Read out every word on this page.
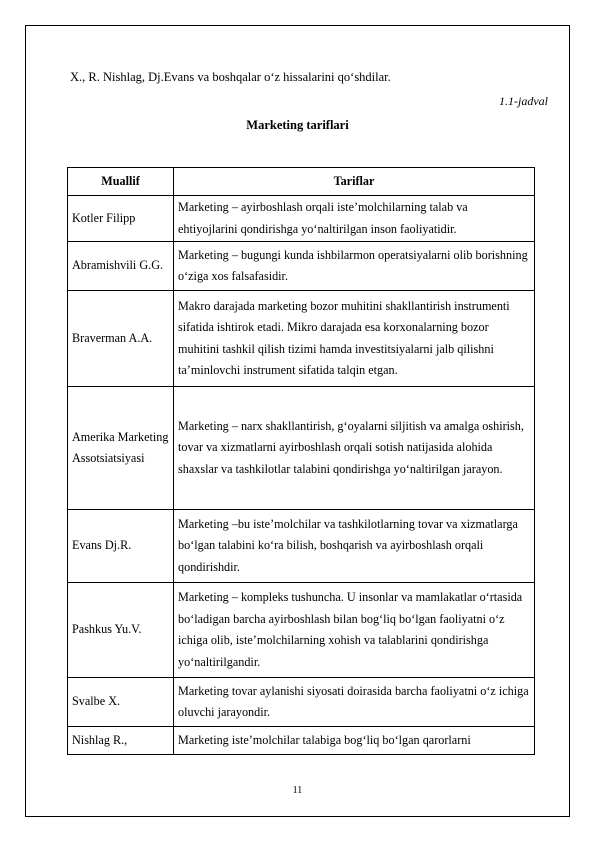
X., R. Nishlag, Dj.Evans va boshqalar o‘z hissalarini qo‘shdilar.
1.1-jadval
Marketing tariflari
Muallif	Tariflar
Kotler Filipp	Marketing – ayirboshlash orqali iste’molchilarning talab va ehtiyojlarini qondirishga yo‘naltirilgan inson faoliyatidir.
Abramishvili G.G.	Marketing – bugungi kunda ishbilarmon operatsiyalarni olib borishning o‘ziga xos falsafasidir.
Braverman A.A.	Makro darajada marketing bozor muhitini shakllantirish instrumenti sifatida ishtirok etadi. Mikro darajada esa korxonalarning bozor muhitini tashkil qilish tizimi hamda investitsiyalarni jalb qilishni ta’minlovchi instrument sifatida talqin etgan.
Amerika Marketing Assotsiatsiyasi	Marketing – narx shakllantirish, g‘oyalarni siljitish va amalga oshirish, tovar va xizmatlarni ayirboshlash orqali sotish natijasida alohida shaxslar va tashkilotlar talabini qondirishga yo‘naltirilgan jarayon.
Evans Dj.R.	Marketing –bu iste’molchilar va tashkilotlarning tovar va xizmatlarga bo‘lgan talabini ko‘ra bilish, boshqarish va ayirboshlash orqali qondirishdir.
Pashkus Yu.V.	Marketing – kompleks tushuncha. U insonlar va mamlakatlar o‘rtasida bo‘ladigan barcha ayirboshlash bilan bog‘liq bo‘lgan faoliyatni o‘z ichiga olib, iste’molchilarning xohish va talablarini qondirishga yo‘naltirilgandir.
Svalbe X.	Marketing tovar aylanishi siyosati doirasida barcha faoliyatni o‘z ichiga oluvchi jarayondir.
Nishlag R.,	Marketing iste’molchilar talabiga bog‘liq bo‘lgan qarorlarni
11
